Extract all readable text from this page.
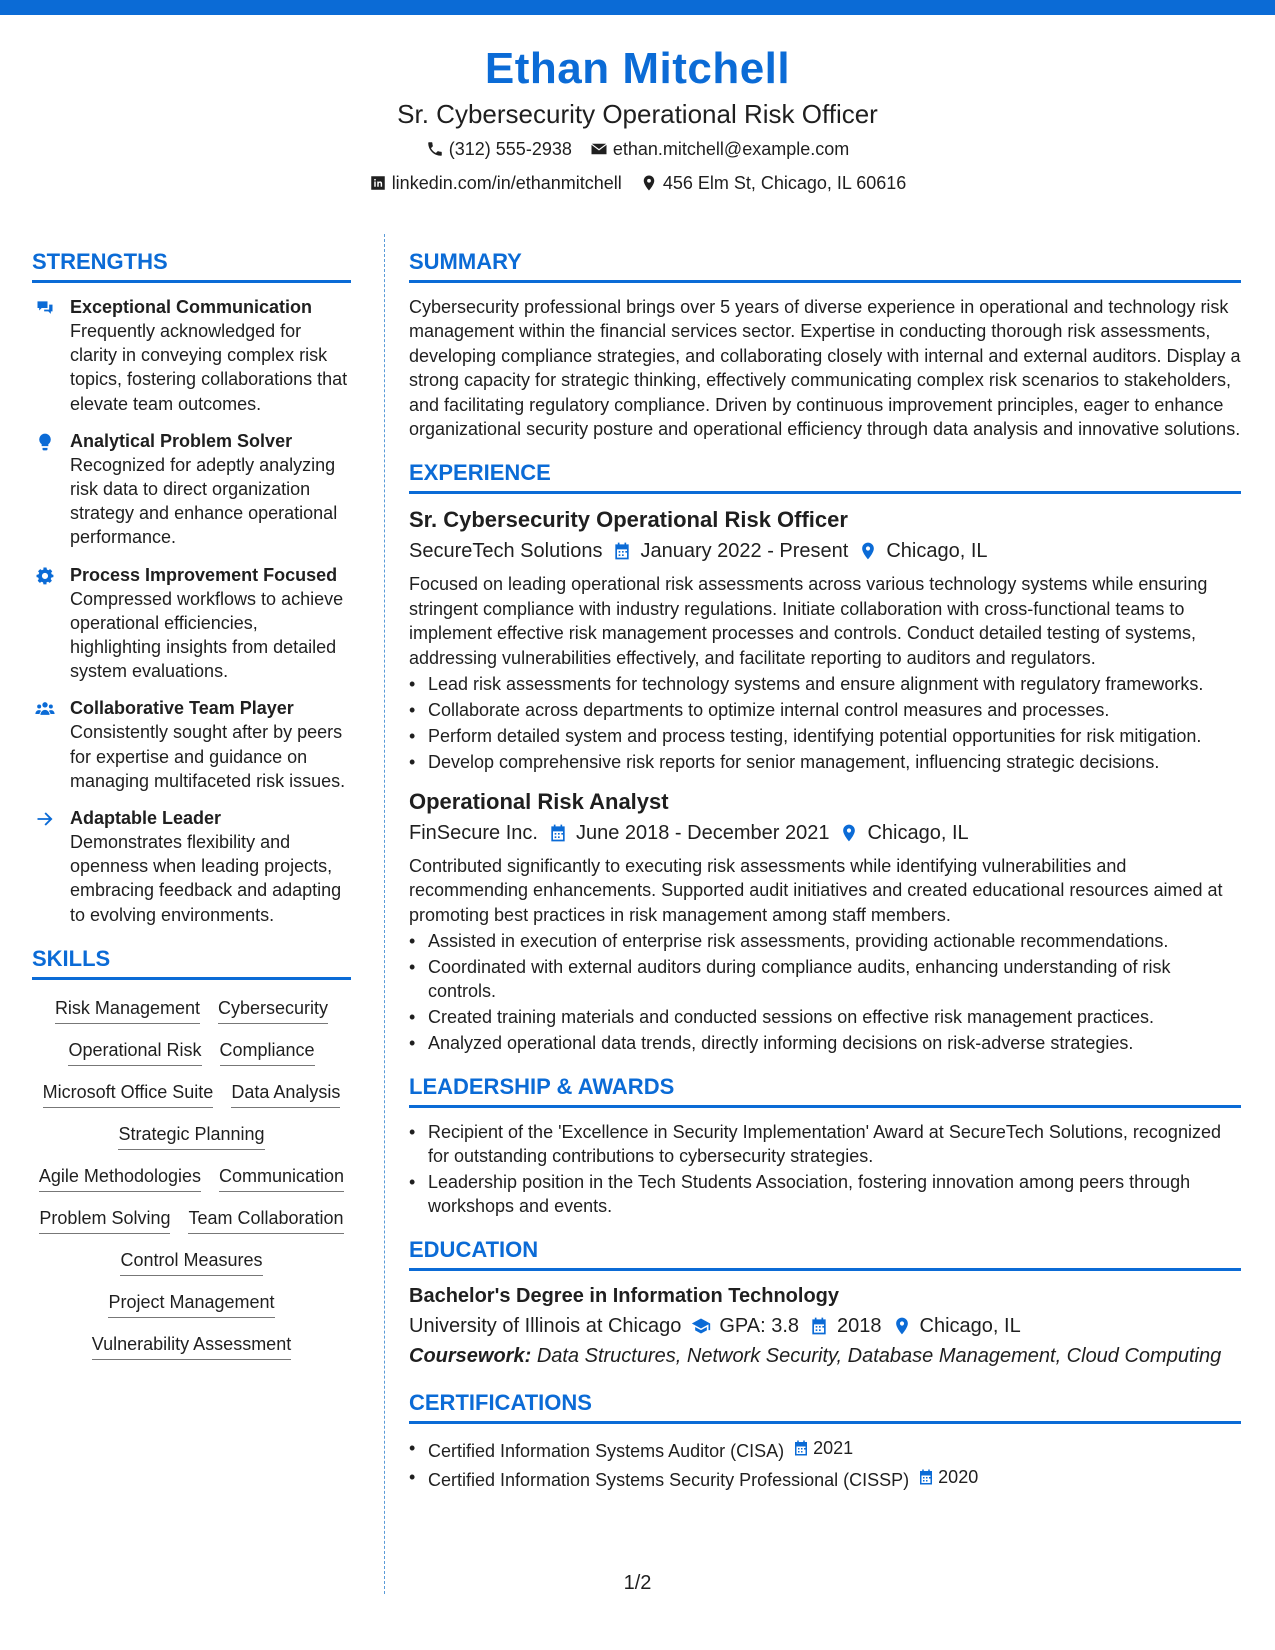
Ethan Mitchell
Sr. Cybersecurity Operational Risk Officer
(312) 555-2938 ethan.mitchell@example.com
linkedin.com/in/ethanmitchell 456 Elm St, Chicago, IL 60616
STRENGTHS
Exceptional Communication
Frequently acknowledged for clarity in conveying complex risk topics, fostering collaborations that elevate team outcomes.
Analytical Problem Solver
Recognized for adeptly analyzing risk data to direct organization strategy and enhance operational performance.
Process Improvement Focused
Compressed workflows to achieve operational efficiencies, highlighting insights from detailed system evaluations.
Collaborative Team Player
Consistently sought after by peers for expertise and guidance on managing multifaceted risk issues.
Adaptable Leader
Demonstrates flexibility and openness when leading projects, embracing feedback and adapting to evolving environments.
SKILLS
Risk Management Cybersecurity
Operational Risk Compliance
Microsoft Office Suite Data Analysis
Strategic Planning
Agile Methodologies Communication
Problem Solving Team Collaboration
Control Measures
Project Management
Vulnerability Assessment
SUMMARY
Cybersecurity professional brings over 5 years of diverse experience in operational and technology risk management within the financial services sector. Expertise in conducting thorough risk assessments, developing compliance strategies, and collaborating closely with internal and external auditors. Display a strong capacity for strategic thinking, effectively communicating complex risk scenarios to stakeholders, and facilitating regulatory compliance. Driven by continuous improvement principles, eager to enhance organizational security posture and operational efficiency through data analysis and innovative solutions.
EXPERIENCE
Sr. Cybersecurity Operational Risk Officer
SecureTech Solutions January 2022 - Present Chicago, IL
Focused on leading operational risk assessments across various technology systems while ensuring stringent compliance with industry regulations. Initiate collaboration with cross-functional teams to implement effective risk management processes and controls. Conduct detailed testing of systems, addressing vulnerabilities effectively, and facilitate reporting to auditors and regulators.
• Lead risk assessments for technology systems and ensure alignment with regulatory frameworks.
• Collaborate across departments to optimize internal control measures and processes.
• Perform detailed system and process testing, identifying potential opportunities for risk mitigation.
• Develop comprehensive risk reports for senior management, influencing strategic decisions.
Operational Risk Analyst
FinSecure Inc. June 2018 - December 2021 Chicago, IL
Contributed significantly to executing risk assessments while identifying vulnerabilities and recommending enhancements. Supported audit initiatives and created educational resources aimed at promoting best practices in risk management among staff members.
• Assisted in execution of enterprise risk assessments, providing actionable recommendations.
• Coordinated with external auditors during compliance audits, enhancing understanding of risk controls.
• Created training materials and conducted sessions on effective risk management practices.
• Analyzed operational data trends, directly informing decisions on risk-adverse strategies.
LEADERSHIP & AWARDS
• Recipient of the 'Excellence in Security Implementation' Award at SecureTech Solutions, recognized for outstanding contributions to cybersecurity strategies.
• Leadership position in the Tech Students Association, fostering innovation among peers through workshops and events.
EDUCATION
Bachelor's Degree in Information Technology
University of Illinois at Chicago GPA: 3.8 2018 Chicago, IL
Coursework: Data Structures, Network Security, Database Management, Cloud Computing
CERTIFICATIONS
• Certified Information Systems Auditor (CISA) 2021
• Certified Information Systems Security Professional (CISSP) 2020
1/2
